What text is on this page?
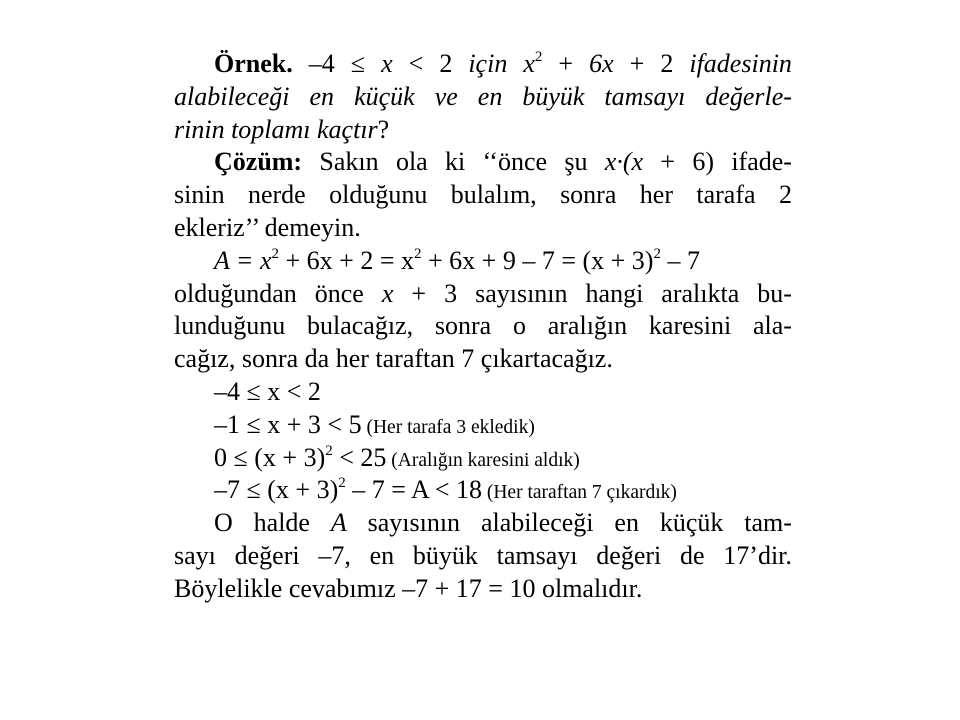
Örnek. –4 ≤ x < 2 için $x^2 + 6x + 2$ ifadesinin
alabileceği en küçük ve en büyük tamsayı değerle-
rinin toplamı kaçtır?
Çözüm: Sakın ola ki ‘‘önce şu x·(x + 6) ifade-
sinin nerde olduğunu bulalım, sonra her tarafa 2
ekleriz’’ demeyin.
$A = x^2 + 6x + 2 = x^2 + 6x + 9 - 7 = (x + 3)^2 - 7$
olduğundan önce x + 3 sayısının hangi aralıkta bu-
lunduğunu bulacağız, sonra o aralığın karesini ala-
cağız, sonra da her taraftan 7 çıkartacağız.
–4 ≤ x < 2
–1 ≤ x + 3 < 5 (Her tarafa 3 ekledik)
$0 \le (x + 3)^2 < 25$ (Aralığın karesini aldık)
$-7 \le (x + 3)^2 - 7 = A < 18$ (Her taraftan 7 çıkardık)
O halde A sayısının alabileceği en küçük tam-
sayı değeri –7, en büyük tamsayı değeri de 17’dir.
Böylelikle cevabımız –7 + 17 = 10 olmalıdır.
